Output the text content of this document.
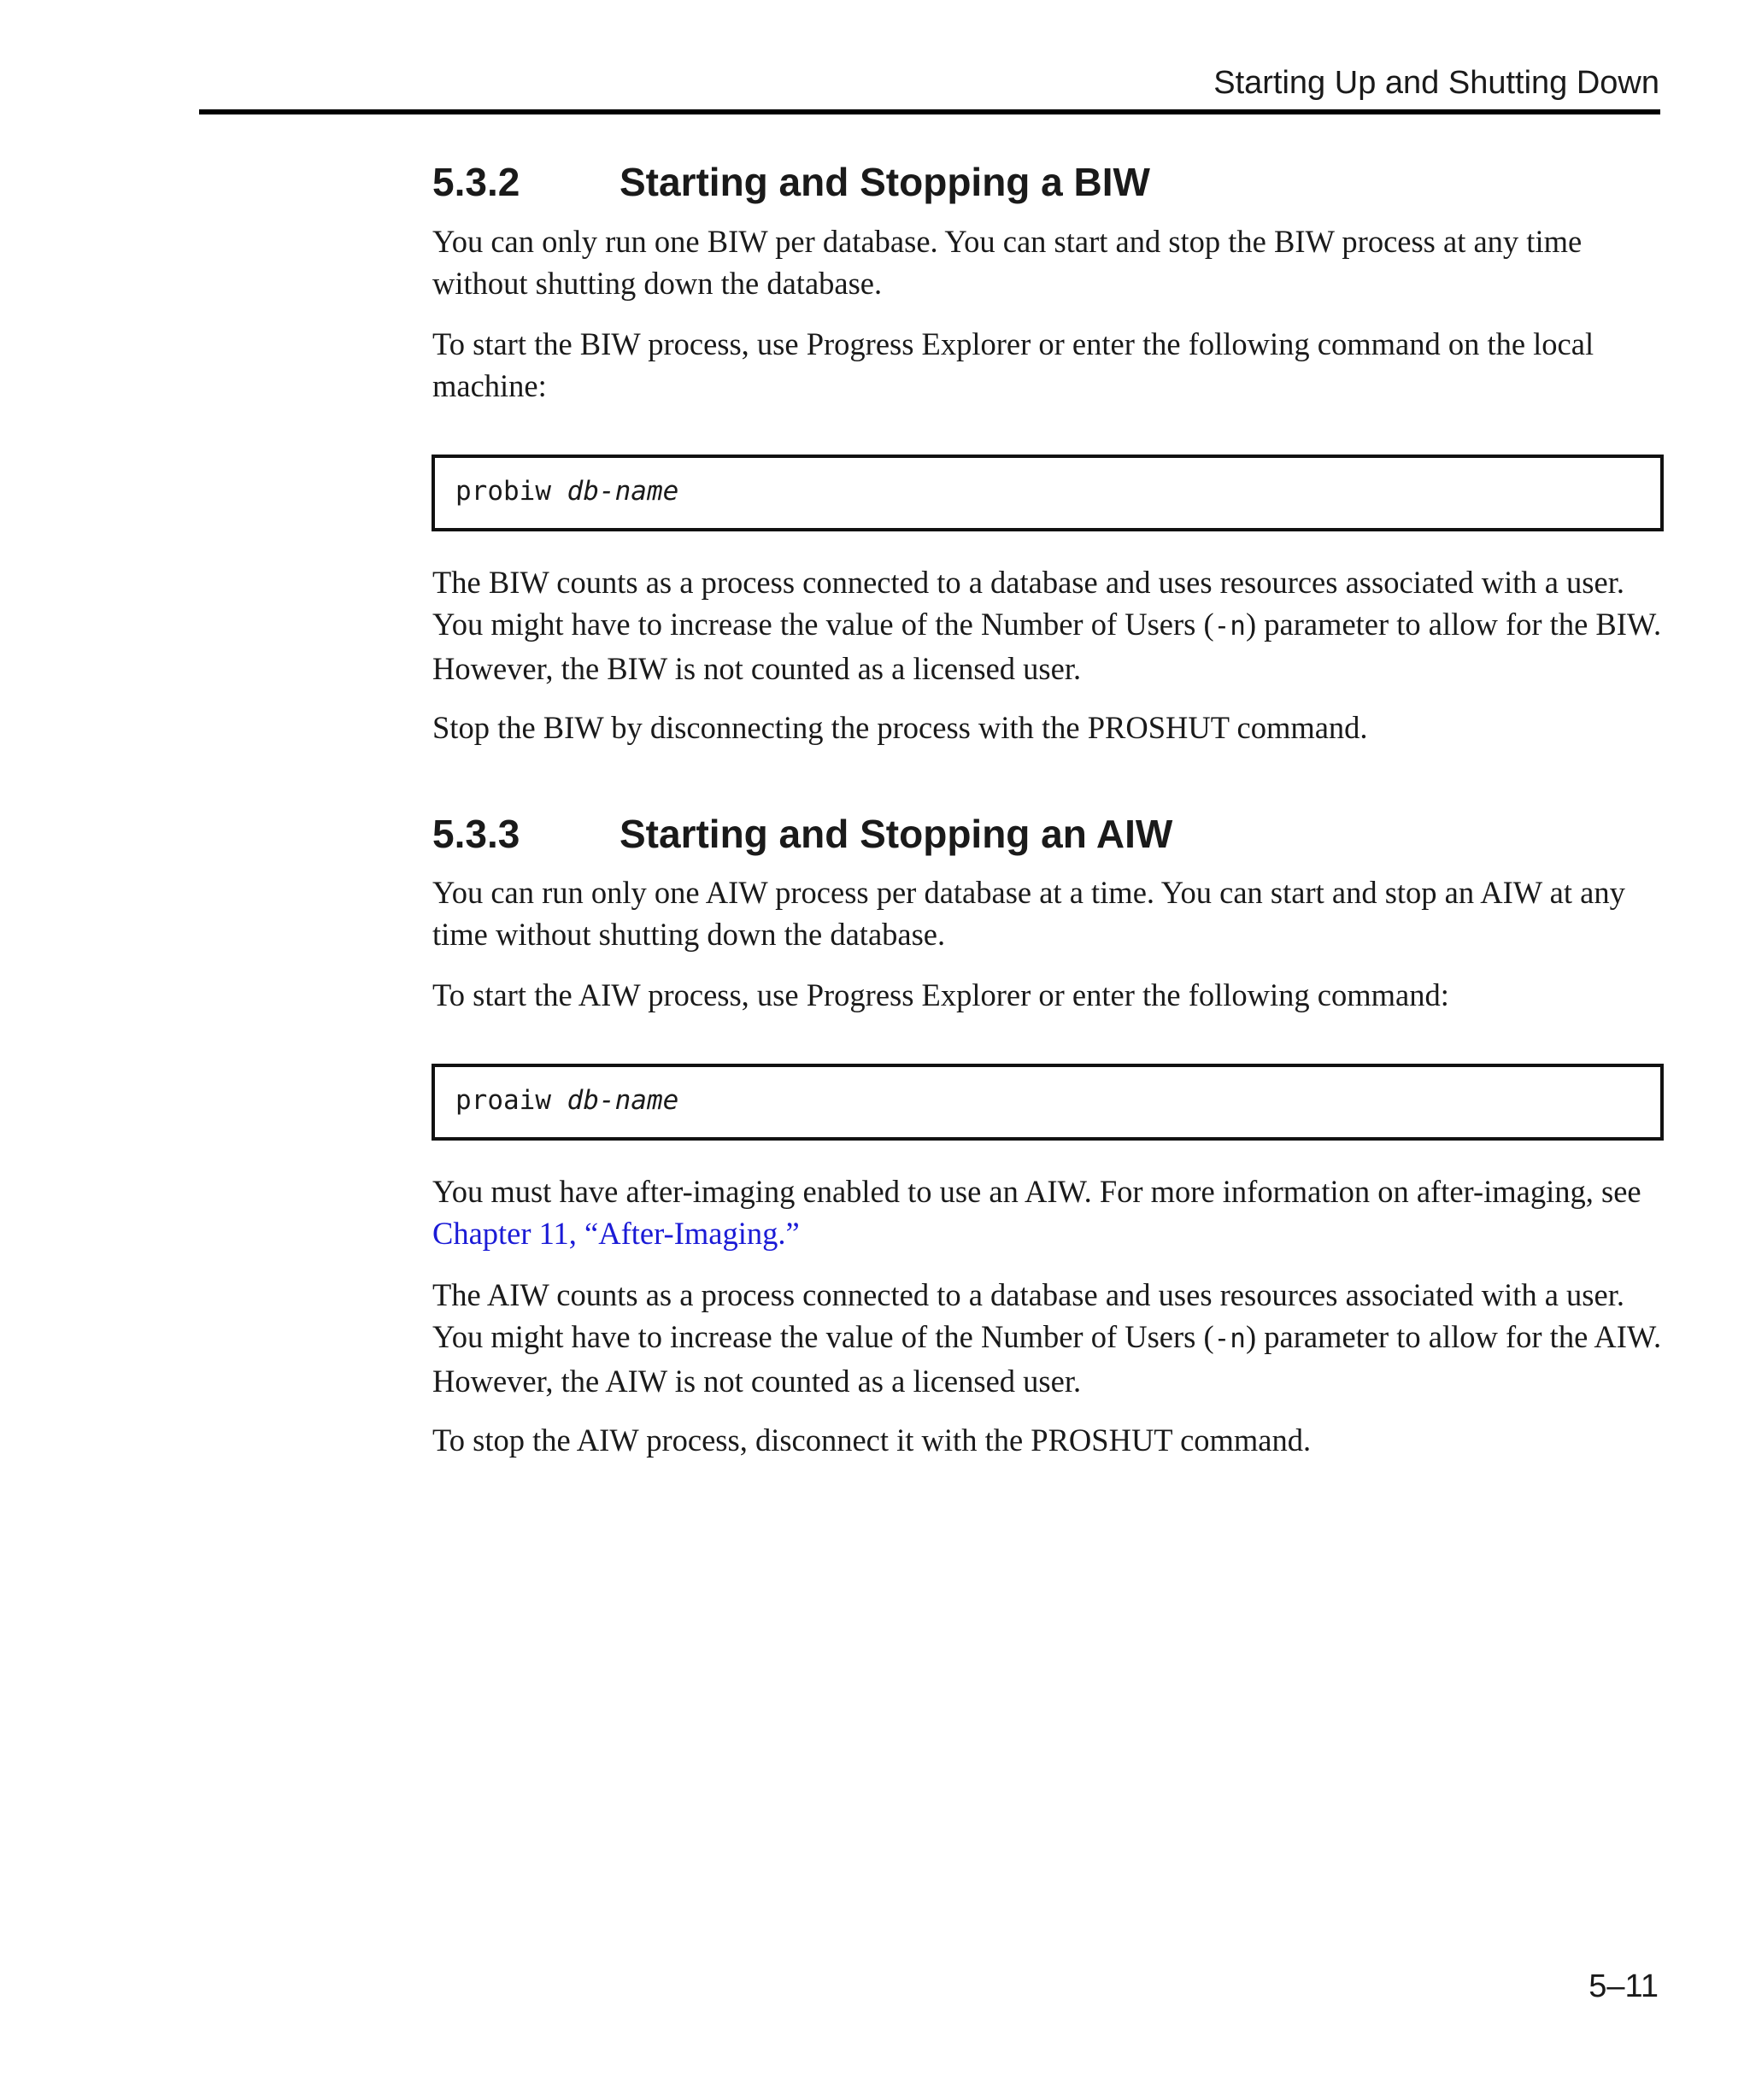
Starting Up and Shutting Down
5.3.2	Starting and Stopping a BIW

You can only run one BIW per database. You can start and stop the BIW process at any time without shutting down the database.

To start the BIW process, use Progress Explorer or enter the following command on the local machine:

probiw db-name

The BIW counts as a process connected to a database and uses resources associated with a user. You might have to increase the value of the Number of Users (-n) parameter to allow for the BIW. However, the BIW is not counted as a licensed user.

Stop the BIW by disconnecting the process with the PROSHUT command.

5.3.3	Starting and Stopping an AIW

You can run only one AIW process per database at a time. You can start and stop an AIW at any time without shutting down the database.

To start the AIW process, use Progress Explorer or enter the following command:

proaiw db-name

You must have after-imaging enabled to use an AIW. For more information on after-imaging, see Chapter 11, “After-Imaging.”

The AIW counts as a process connected to a database and uses resources associated with a user. You might have to increase the value of the Number of Users (-n) parameter to allow for the AIW. However, the AIW is not counted as a licensed user.

To stop the AIW process, disconnect it with the PROSHUT command.

5–11
